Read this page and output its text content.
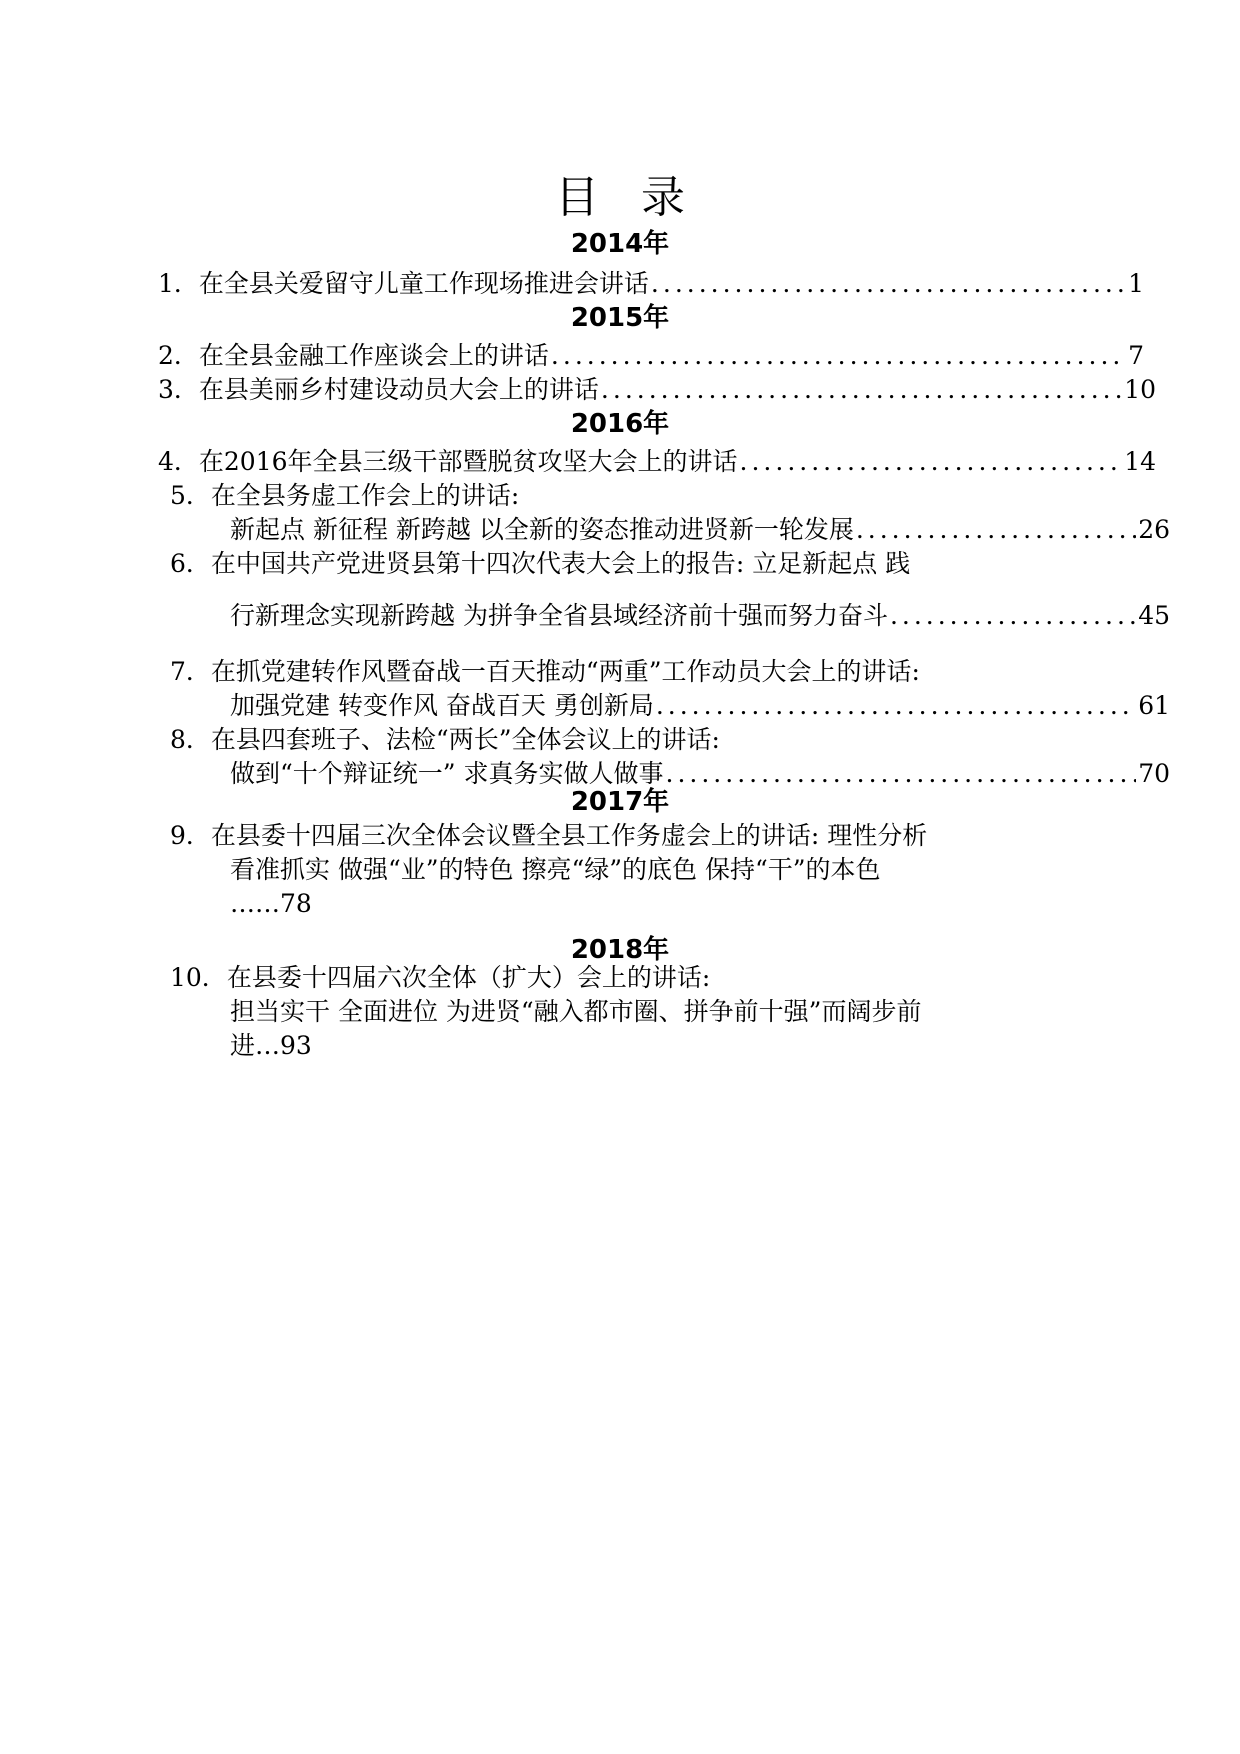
目 录
2014年
1． 在全县关爱留守儿童工作现场推进会讲话 .....	1
2015年
2． 在全县金融工作座谈会上的讲话 .....	7
3． 在县美丽乡村建设动员大会上的讲话 .....	10
2016年
4． 在2016年全县三级干部暨脱贫攻坚大会上的讲话 .....	14
5．在全县务虚工作会上的讲话:
新起点 新征程 新跨越 以全新的姿态推动进贤新一轮发展 .....	26
6．在中国共产党进贤县第十四次代表大会上的报告: 立足新起点 践
行新理念实现新跨越 为拼争全省县域经济前十强而努力奋斗 .....	45
7．在抓党建转作风暨奋战一百天推动“两重”工作动员大会上的讲话:
加强党建 转变作风 奋战百天 勇创新局 .....	61
8．在县四套班子、法检“两长”全体会议上的讲话:
做到“十个辩证统一” 求真务实做人做事 .....	70
2017年
9．在县委十四届三次全体会议暨全县工作务虚会上的讲话: 理性分析
看准抓实 做强“业”的特色 擦亮“绿”的底色 保持“干”的本色
……78
2018年
10．在县委十四届六次全体（扩大）会上的讲话:
担当实干 全面进位 为进贤“融入都市圈、拼争前十强”而阔步前
进…93
